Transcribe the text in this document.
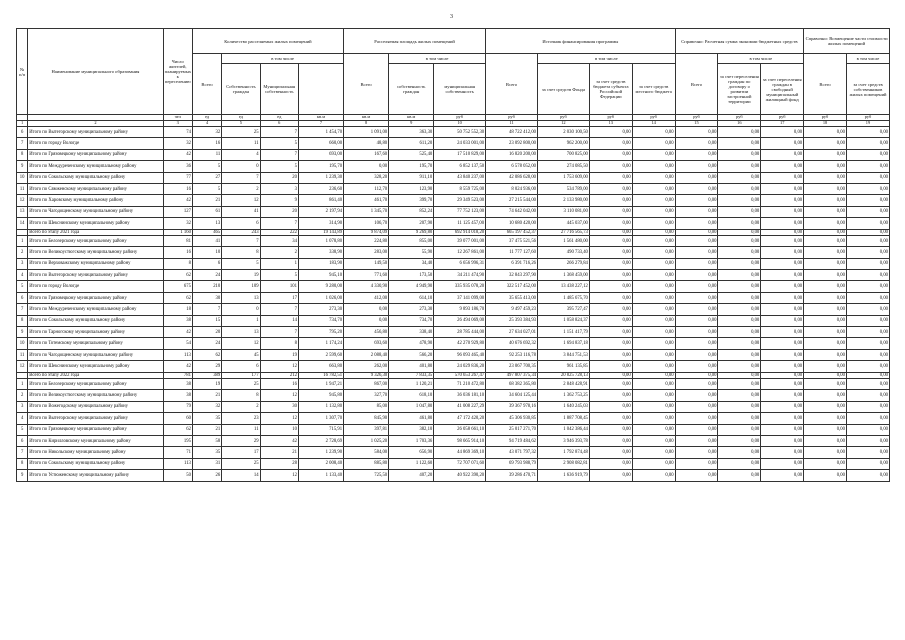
3
№ п/п	Наименование муниципального образования	Число жителей, планируемых к переселению	Количество расселяемых жилых помещений				Расселяемая площадь жилых помещений			Источник финансирования программы				Справочно: Расчетная сумма экономии бюджетных средств			Справочно: Возмещение части стоимости жилых помещений	
			Всего	в том числе			Всего	в том числе		Всего	в том числе			Всего	в том числе		Всего	в том числе
				Собственность граждан	Муниципальная собственность			собственность граждан	муниципальная собственность		за счет средств Фонда	за счет средств бюджета субъекта Российской Федерации	за счет средств местного бюджета		за счет переселения граждан по договору о развитии застроенной территории	за счет переселения граждан в свободный муниципальный жилищный фонд		за счет средств собственников жилых помещений
		чел	ед	ед	ед	кв.м	кв.м	кв.м	руб	руб	руб	руб	руб	руб	руб	руб	руб	руб
1	2	3	4	5	6	7	8	9	10	11	12	13	14	15	16	17	18	19
6	Итого по Вытегорскому муниципальному району	74	32	25	7	1 454,70	1 091,00	363,30	50 752 552,30	48 722 412,00	2 030 100,50	0,00	0,00	0,00	0,00	0,00	0,00	0,00
7	Итого по городу Вологде	32	16	11	5	660,00	48,80	611,20	24 033 001,00	23 092 800,00	962 200,00	0,00	0,00	0,00	0,00	0,00	0,00	0,00
8	Итого по Грязовецкому муниципальному району	42	11	4	7	693,00	167,60	525,40	17 510 829,00	16 820 200,00	700 825,00	0,00	0,00	0,00	0,00	0,00	0,00	0,00
9	Итого по Междуреченскому муниципальному району	36	5	0	5	195,70	0,00	195,70	6 852 137,50	6 578 052,00	274 085,50	0,00	0,00	0,00	0,00	0,00	0,00	0,00
10	Итого по Сокольскому муниципальному району	77	27	7	20	1 239,30	328,20	911,10	43 840 237,00	42 086 628,00	1 753 609,00	0,00	0,00	0,00	0,00	0,00	0,00	0,00
11	Итого по Сямженскому муниципальному району	16	5	2	3	236,60	112,70	123,90	8 559 725,00	8 024 936,00	534 789,00	0,00	0,00	0,00	0,00	0,00	0,00	0,00
12	Итого по Харовскому муниципальному району	42	21	12	9	861,40	461,70	399,70	29 349 523,00	27 215 544,00	2 133 980,00	0,00	0,00	0,00	0,00	0,00	0,00	0,00
13	Итого по Чагодощенскому муниципальному району	127	61	41	20	2 197,94	1 345,70	852,24	77 752 123,00	74 642 042,00	3 110 081,00	0,00	0,00	0,00	0,00	0,00	0,00	0,00
14	Итого по Шекснинскому муниципальному району	32	13	6	7	314,90	106,70	207,90	11 125 457,00	10 680 420,00	445 037,00	0,00	0,00	0,00	0,00	0,00	0,00	0,00
	Всего по этапу 2021 года	1 160	465	243	222	19 143,89	9 874,09	9 269,80	692 914 018,20	665 197 452,37	27 716 565,73	0,00	0,00	0,00	0,00	0,00	0,00	0,00
1	Итого по Белозерскому муниципальному району	81	41	7	34	1 078,80	224,80	855,00	39 077 001,00	37 475 521,56	1 561 480,00	0,00	0,00	0,00	0,00	0,00	0,00	0,00
2	Итого по Великоустюгскому муниципальному району	16	10	8	2	338,90	283,00	55,90	12 267 861,00	11 777 127,60	490 733,40	0,00	0,00	0,00	0,00	0,00	0,00	0,00
3	Итого по Верховажскому муниципальному району	8	6	5	1	183,90	149,50	34,40	6 656 996,31	6 391 716,26	266 279,84	0,00	0,00	0,00	0,00	0,00	0,00	0,00
4	Итого по Вытегорскому муниципальному району	62	24	19	5	945,10	771,60	173,50	34 211 474,90	32 843 297,90	1 368 459,00	0,00	0,00	0,00	0,00	0,00	0,00	0,00
5	Итого по городу Вологде	675	210	109	101	9 280,00	4 330,90	4 949,90	335 935 078,20	322 517 452,00	13 438 227,12	0,00	0,00	0,00	0,00	0,00	0,00	0,00
6	Итого по Грязовецкому муниципальному району	62	30	13	17	1 026,00	412,00	614,10	37 141 099,00	35 655 413,00	1 485 675,70	0,00	0,00	0,00	0,00	0,00	0,00	0,00
7	Итого по Междуреченскому муниципальному району	18	7	0	7	273,30	0,00	273,30	9 893 186,70	9 497 459,23	395 727,47	0,00	0,00	0,00	0,00	0,00	0,00	0,00
8	Итого по Сокольскому муниципальному району	38	15	1	14	734,70	0,00	734,70	26 494 069,00	25 393 384,93	1 058 824,37	0,00	0,00	0,00	0,00	0,00	0,00	0,00
9	Итого по Тарногскому муниципальному району	42	20	13	7	795,20	456,80	338,40	28 785 444,00	27 634 027,01	1 151 417,79	0,00	0,00	0,00	0,00	0,00	0,00	0,00
10	Итого по Тотемскому муниципальному району	54	24	12	8	1 174,24	693,60	478,90	42 270 929,80	40 676 692,32	1 694 837,18	0,00	0,00	0,00	0,00	0,00	0,00	0,00
11	Итого по Чагодощенскому муниципальному району	113	62	45	19	2 599,60	2 088,40	566,20	96 093 465,40	92 253 116,78	3 844 751,53	0,00	0,00	0,00	0,00	0,00	0,00	0,00
12	Итого по Шекснинскому муниципальному району	42	29	6	12	663,80	262,00	401,80	24 029 836,20	23 067 700,35	961 135,85	0,00	0,00	0,00	0,00	0,00	0,00	0,00
	Всего по этапу 2022 года	781	389	177	212	16 782,51	9 326,30	7 833,35	570 653 267,47	497 807 375,34	20 825 728,13	0,00	0,00	0,00	0,00	0,00	0,00	0,00
1	Итого по Белозерскому муниципальному району	38	19	25	16	1 947,21	867,00	1 120,21	71 210 472,80	68 382 365,80	2 848 428,91	0,00	0,00	0,00	0,00	0,00	0,00	0,00
2	Итого по Великоустюгскому муниципальному району	38	21	8	12	945,80	327,70	618,10	36 036 181,10	34 604 125,44	1 362 753,25	0,00	0,00	0,00	0,00	0,00	0,00	0,00
3	Итого по Вожегодскому муниципальному району	79	32	2	30	1 132,80	85,00	1 047,80	41 008 227,29	39 367 978,16	1 640 245,03	0,00	0,00	0,00	0,00	0,00	0,00	0,00
4	Итого по Вытегорскому муниципальному району	60	35	23	12	1 307,70	845,90	461,80	47 172 420,20	45 306 930,85	1 887 708,45	0,00	0,00	0,00	0,00	0,00	0,00	0,00
5	Итого по Грязовецкому муниципальному району	62	21	11	10	715,91	397,81	382,10	26 058 661,10	25 017 271,70	1 042 386,44	0,00	0,00	0,00	0,00	0,00	0,00	0,00
6	Итого по Кирилловскому муниципальному району	195	58	29	42	2 728,69	1 025,20	1 703,36	98 665 914,10	94 719 484,62	3 946 393,78	0,00	0,00	0,00	0,00	0,00	0,00	0,00
7	Итого по Никольскому муниципальному району	71	35	17	21	1 239,90	584,00	656,90	44 869 369,10	43 071 797,32	1 792 874,48	0,00	0,00	0,00	0,00	0,00	0,00	0,00
8	Итого по Сокольскому муниципальному району	113	31	25	28	2 008,40	885,80	1 122,60	72 707 071,60	69 793 988,79	2 908 082,81	0,00	0,00	0,00	0,00	0,00	0,00	0,00
9	Итого по Устюженскому муниципальному району	50	26	14	12	1 133,40	725,50	407,20	40 922 390,20	39 286 470,71	1 636 919,79	0,00	0,00	0,00	0,00	0,00	0,00	0,00
